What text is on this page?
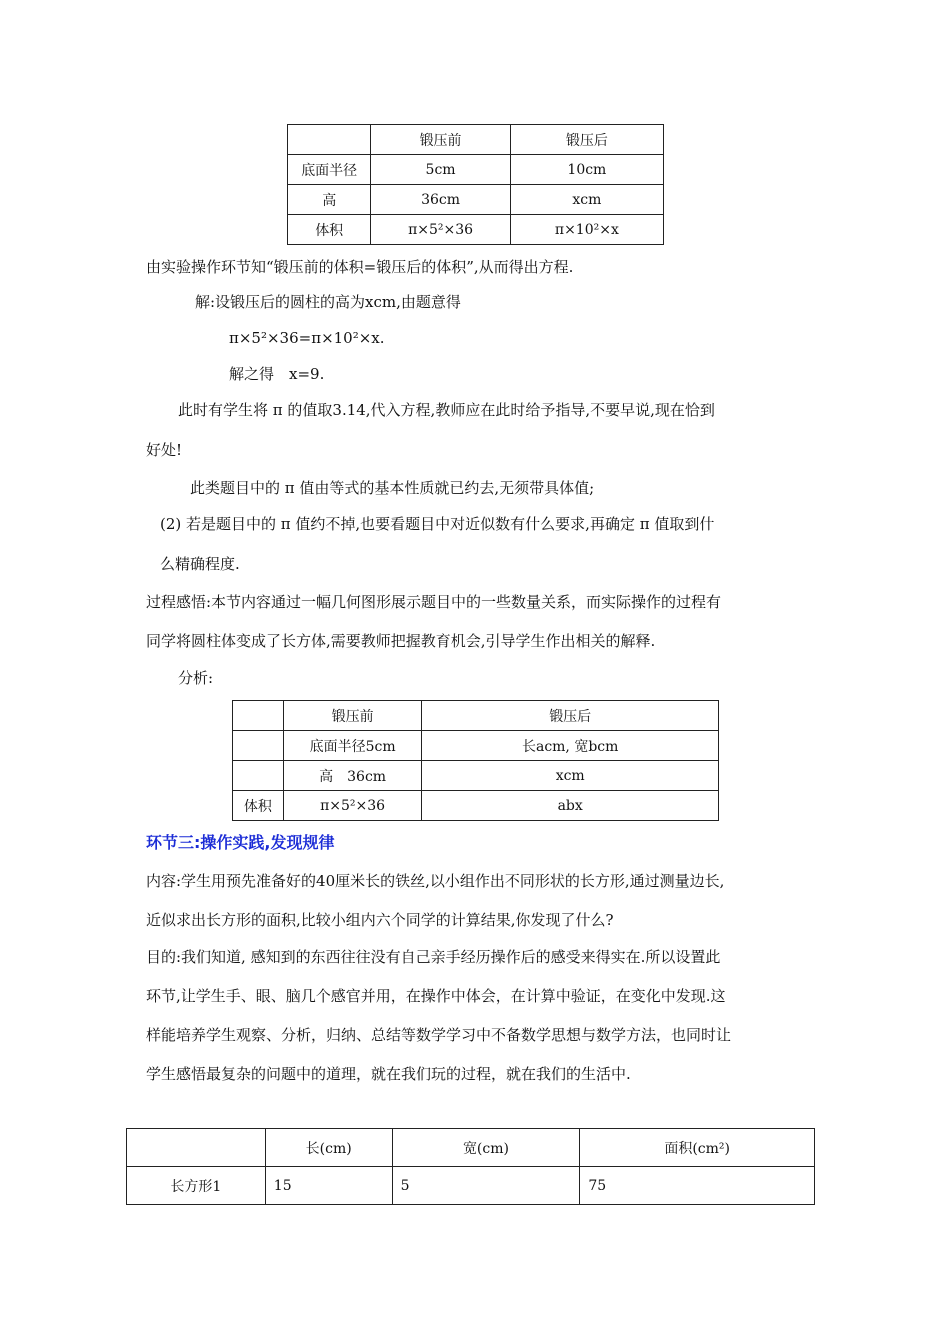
	锻压前	锻压后
底面半径	5cm	10cm
高	36cm	xcm
体积	π×5²×36	π×10²×x
由实验操作环节知“锻压前的体积=锻压后的体积”,从而得出方程.
解:设锻压后的圆柱的高为xcm,由题意得
π×5²×36=π×10²×x.
解之得　x=9.
此时有学生将 π 的值取3.14,代入方程,教师应在此时给予指导,不要早说,现在恰到
好处!
此类题目中的 π 值由等式的基本性质就已约去,无须带具体值;
(2) 若是题目中的 π 值约不掉,也要看题目中对近似数有什么要求,再确定 π 值取到什
么精确程度.
过程感悟:本节内容通过一幅几何图形展示题目中的一些数量关系，而实际操作的过程有
同学将圆柱体变成了长方体,需要教师把握教育机会,引导学生作出相关的解释.
分析:
	锻压前	锻压后
	底面半径5cm	长acm, 宽bcm
	高　36cm	xcm
体积	π×5²×36	abx
环节三:操作实践,发现规律
内容:学生用预先准备好的40厘米长的铁丝,以小组作出不同形状的长方形,通过测量边长,
近似求出长方形的面积,比较小组内六个同学的计算结果,你发现了什么?
目的:我们知道, 感知到的东西往往没有自己亲手经历操作后的感受来得实在.所以设置此
环节,让学生手、眼、脑几个感官并用，在操作中体会，在计算中验证，在变化中发现.这
样能培养学生观察、分析，归纳、总结等数学学习中不备数学思想与数学方法，也同时让
学生感悟最复杂的问题中的道理，就在我们玩的过程，就在我们的生活中.
	长(cm)	宽(cm)	面积(cm²)
长方形1	15	5	75
